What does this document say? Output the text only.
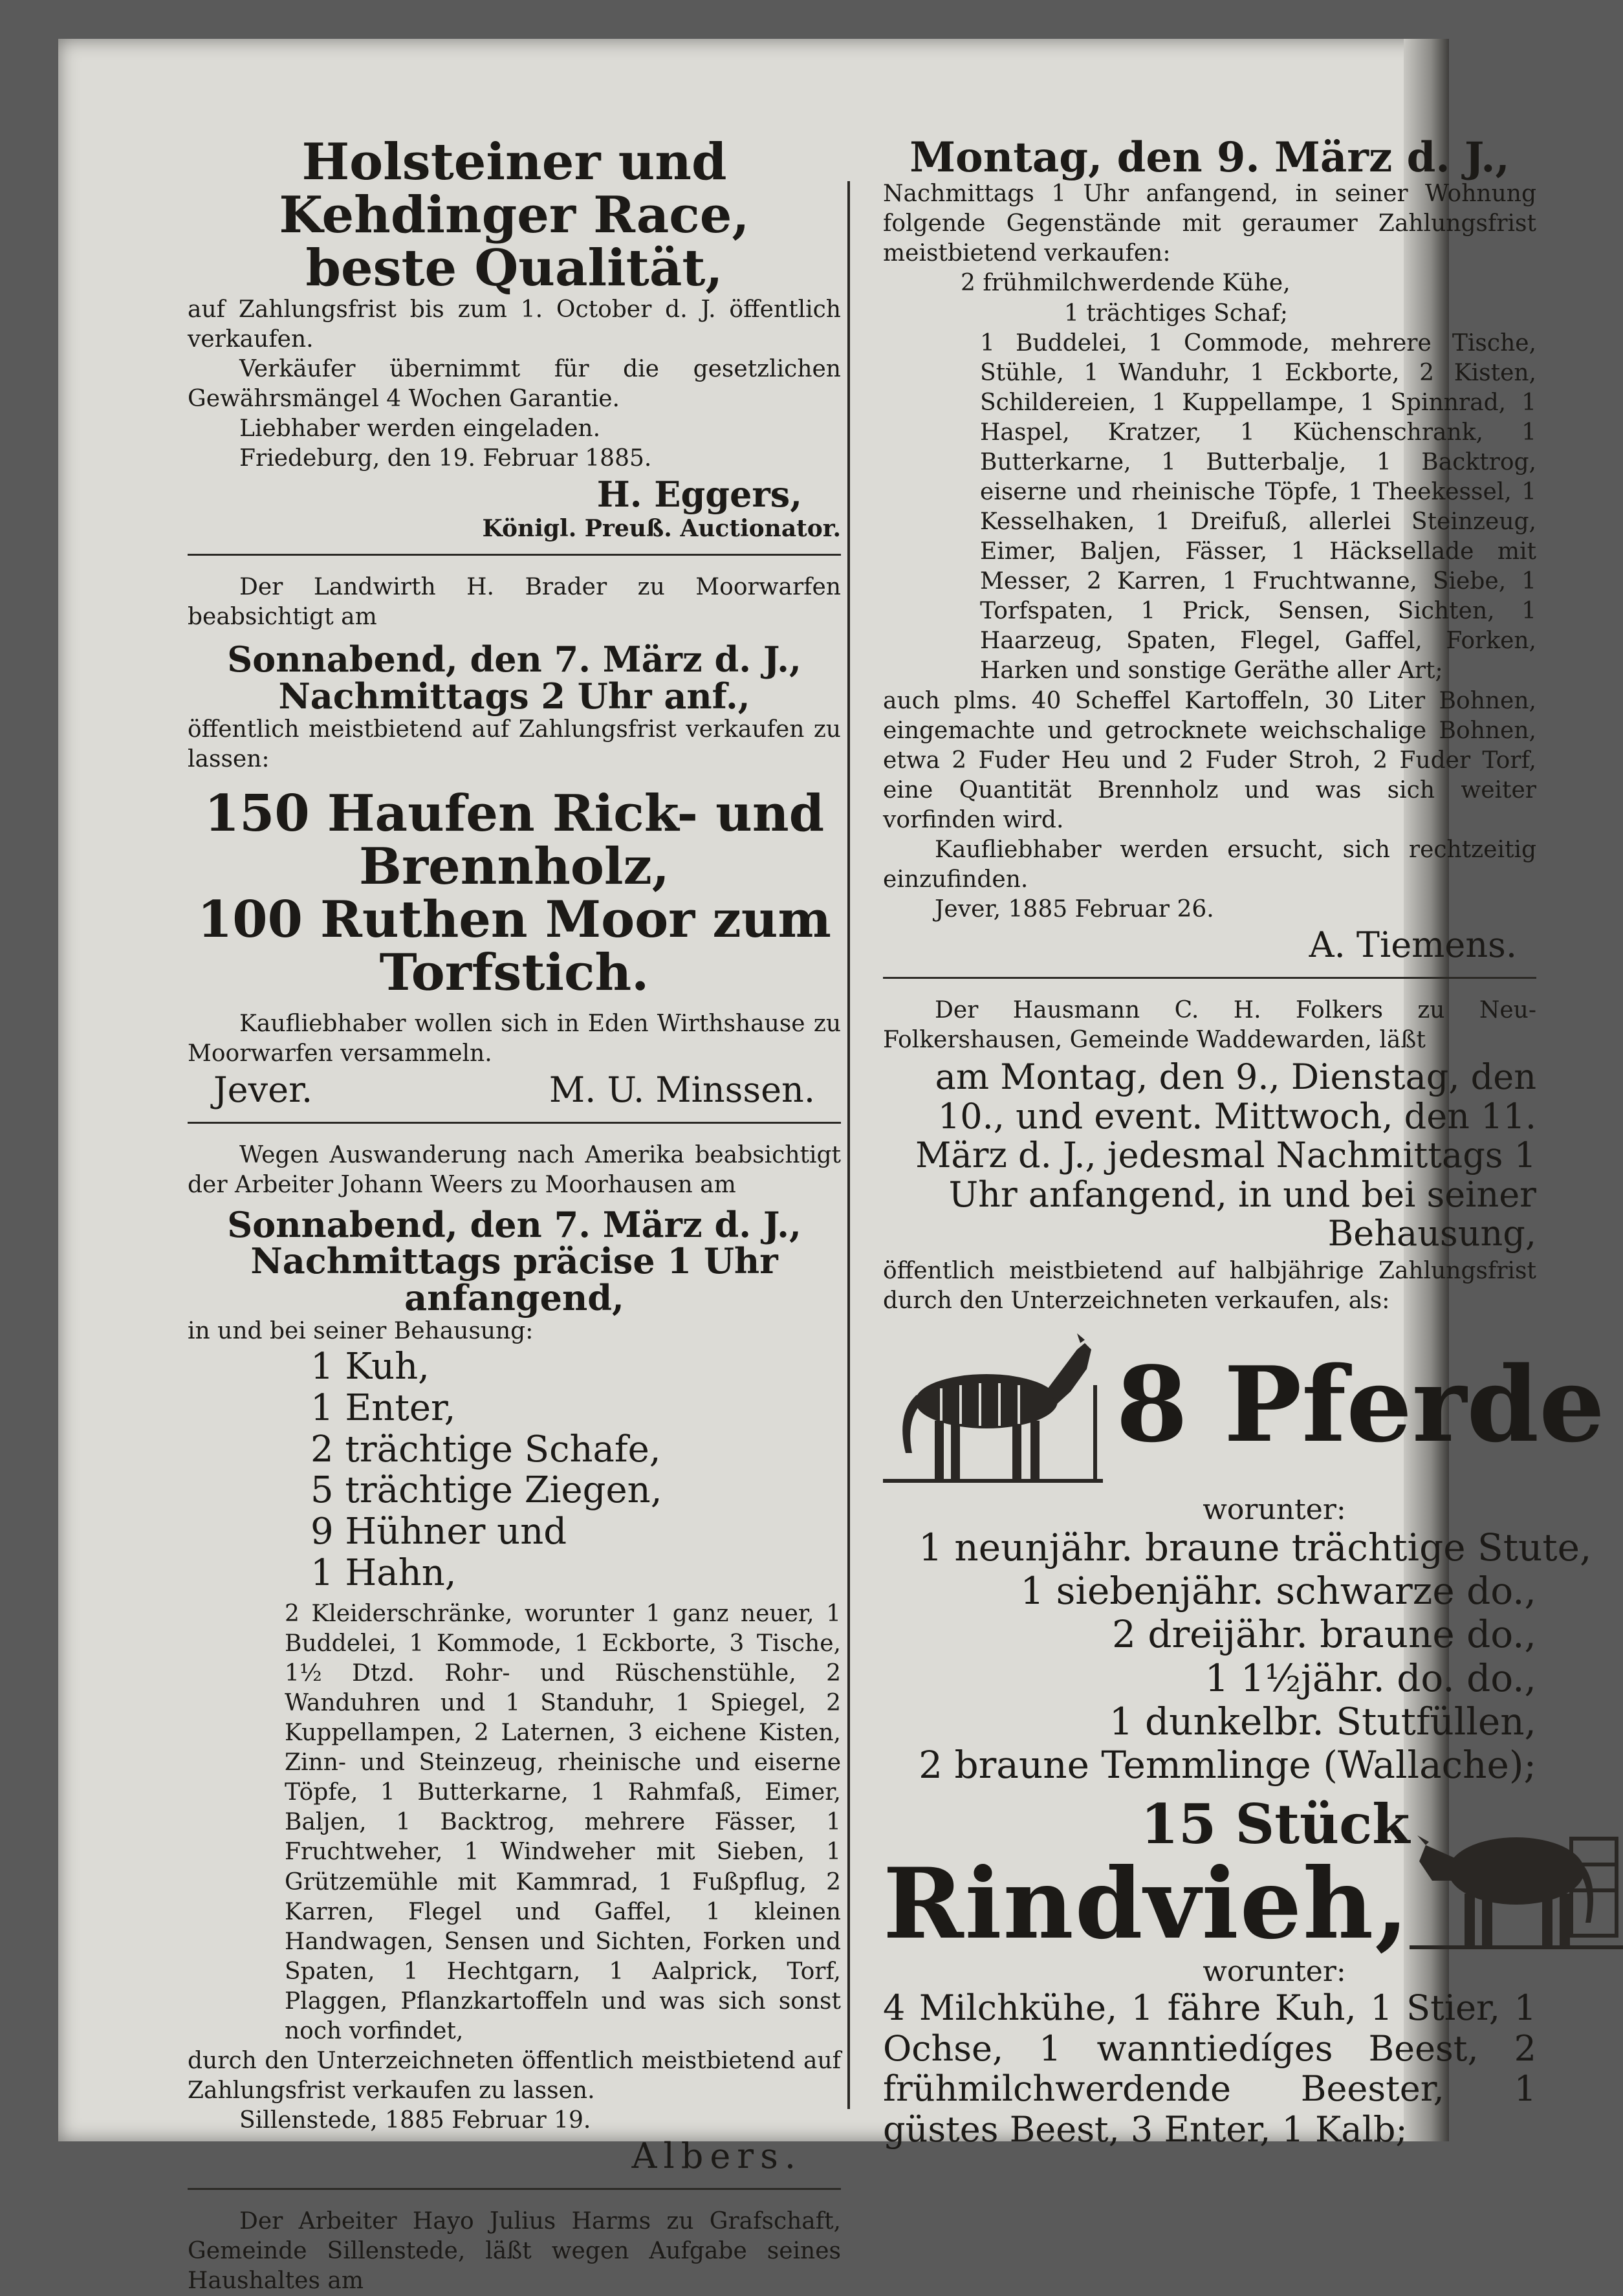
Holsteiner und Kehdinger Race,
beste Qualität,

auf Zahlungsfrist bis zum 1. October d. J. öffentlich verkaufen.

Verkäufer übernimmt für die gesetzlichen Gewährsmängel 4 Wochen Garantie.

Liebhaber werden eingeladen.

Friedeburg, den 19. Februar 1885.

H. Eggers,
Königl. Preuß. Auctionator.

Der Landwirth H. Brader zu Moorwarfen beabsichtigt am

Sonnabend, den 7. März d. J.,
Nachmittags 2 Uhr anf.,

öffentlich meistbietend auf Zahlungsfrist verkaufen zu lassen:

150 Haufen Rick- und Brennholz,
100 Ruthen Moor zum Torfstich.

Kaufliebhaber wollen sich in Eden Wirthshause zu Moorwarfen versammeln.

Jever.	M. U. Minssen.

Wegen Auswanderung nach Amerika beabsichtigt der Arbeiter Johann Weers zu Moorhausen am

Sonnabend, den 7. März d. J.,
Nachmittags präcise 1 Uhr anfangend,

in und bei seiner Behausung:

1 Kuh,
1 Enter,
2 trächtige Schafe,
5 trächtige Ziegen,
9 Hühner und
1 Hahn,

2 Kleiderschränke, worunter 1 ganz neuer, 1 Buddelei, 1 Kommode, 1 Eckborte, 3 Tische, 1½ Dtzd. Rohr- und Rüschenstühle, 2 Wanduhren und 1 Standuhr, 1 Spiegel, 2 Kuppellampen, 2 Laternen, 3 eichene Kisten, Zinn- und Steinzeug, rheinische und eiserne Töpfe, 1 Butterkarne, 1 Rahmfaß, Eimer, Baljen, 1 Backtrog, mehrere Fässer, 1 Fruchtweher, 1 Windweher mit Sieben, 1 Grützemühle mit Kammrad, 1 Fußpflug, 2 Karren, Flegel und Gaffel, 1 kleinen Handwagen, Sensen und Sichten, Forken und Spaten, 1 Hechtgarn, 1 Aalprick, Torf, Plaggen, Pflanzkartoffeln und was sich sonst noch vorfindet,

durch den Unterzeichneten öffentlich meistbietend auf Zahlungsfrist verkaufen zu lassen.

Sillenstede, 1885 Februar 19.

Albers.

Der Arbeiter Hayo Julius Harms zu Grafschaft, Gemeinde Sillenstede, läßt wegen Aufgabe seines Haushaltes am

Montag, den 9. März d. J.,

Nachmittags 1 Uhr anfangend, in seiner Wohnung folgende Gegenstände mit geraumer Zahlungsfrist meistbietend verkaufen:

2 frühmilchwerdende Kühe,

1 trächtiges Schaf;

1 Buddelei, 1 Commode, mehrere Tische, Stühle, 1 Wanduhr, 1 Eckborte, 2 Kisten, Schildereien, 1 Kuppellampe, 1 Spinnrad, 1 Haspel, Kratzer, 1 Küchenschrank, 1 Butterkarne, 1 Butterbalje, 1 Backtrog, eiserne und rheinische Töpfe, 1 Theekessel, 1 Kesselhaken, 1 Dreifuß, allerlei Steinzeug, Eimer, Baljen, Fässer, 1 Häcksellade mit Messer, 2 Karren, 1 Fruchtwanne, Siebe, 1 Torfspaten, 1 Prick, Sensen, Sichten, 1 Haarzeug, Spaten, Flegel, Gaffel, Forken, Harken und sonstige Geräthe aller Art;

auch plms. 40 Scheffel Kartoffeln, 30 Liter Bohnen, eingemachte und getrocknete weichschalige Bohnen, etwa 2 Fuder Heu und 2 Fuder Stroh, 2 Fuder Torf, eine Quantität Brennholz und was sich weiter vorfinden wird.

Kaufliebhaber werden ersucht, sich rechtzeitig einzufinden.

Jever, 1885 Februar 26.

A. Tiemens.

Der Hausmann C. H. Folkers zu Neu-Folkershausen, Gemeinde Waddewarden, läßt

am Montag, den 9., Dienstag, den 10., und event. Mittwoch, den 11. März d. J., jedesmal Nachmittags 1 Uhr anfangend, in und bei seiner Behausung,

öffentlich meistbietend auf halbjährige Zahlungsfrist durch den Unterzeichneten verkaufen, als:

8 Pferde
worunter:
1 neunjähr. braune trächtige Stute,
1 siebenjähr. schwarze do.,
2 dreijähr. braune do.,
1 1½jähr. do. do.,
1 dunkelbr. Stutfüllen,
2 braune Temmlinge (Wallache);
15 Stück
Rindvieh,
worunter:
4 Milchkühe, 1 fähre Kuh, 1 Stier, 1 Ochse, 1 wanntiedíges Beest, 2 frühmilchwerdende Beester, 1 güstes Beest, 3 Enter, 1 Kalb;
